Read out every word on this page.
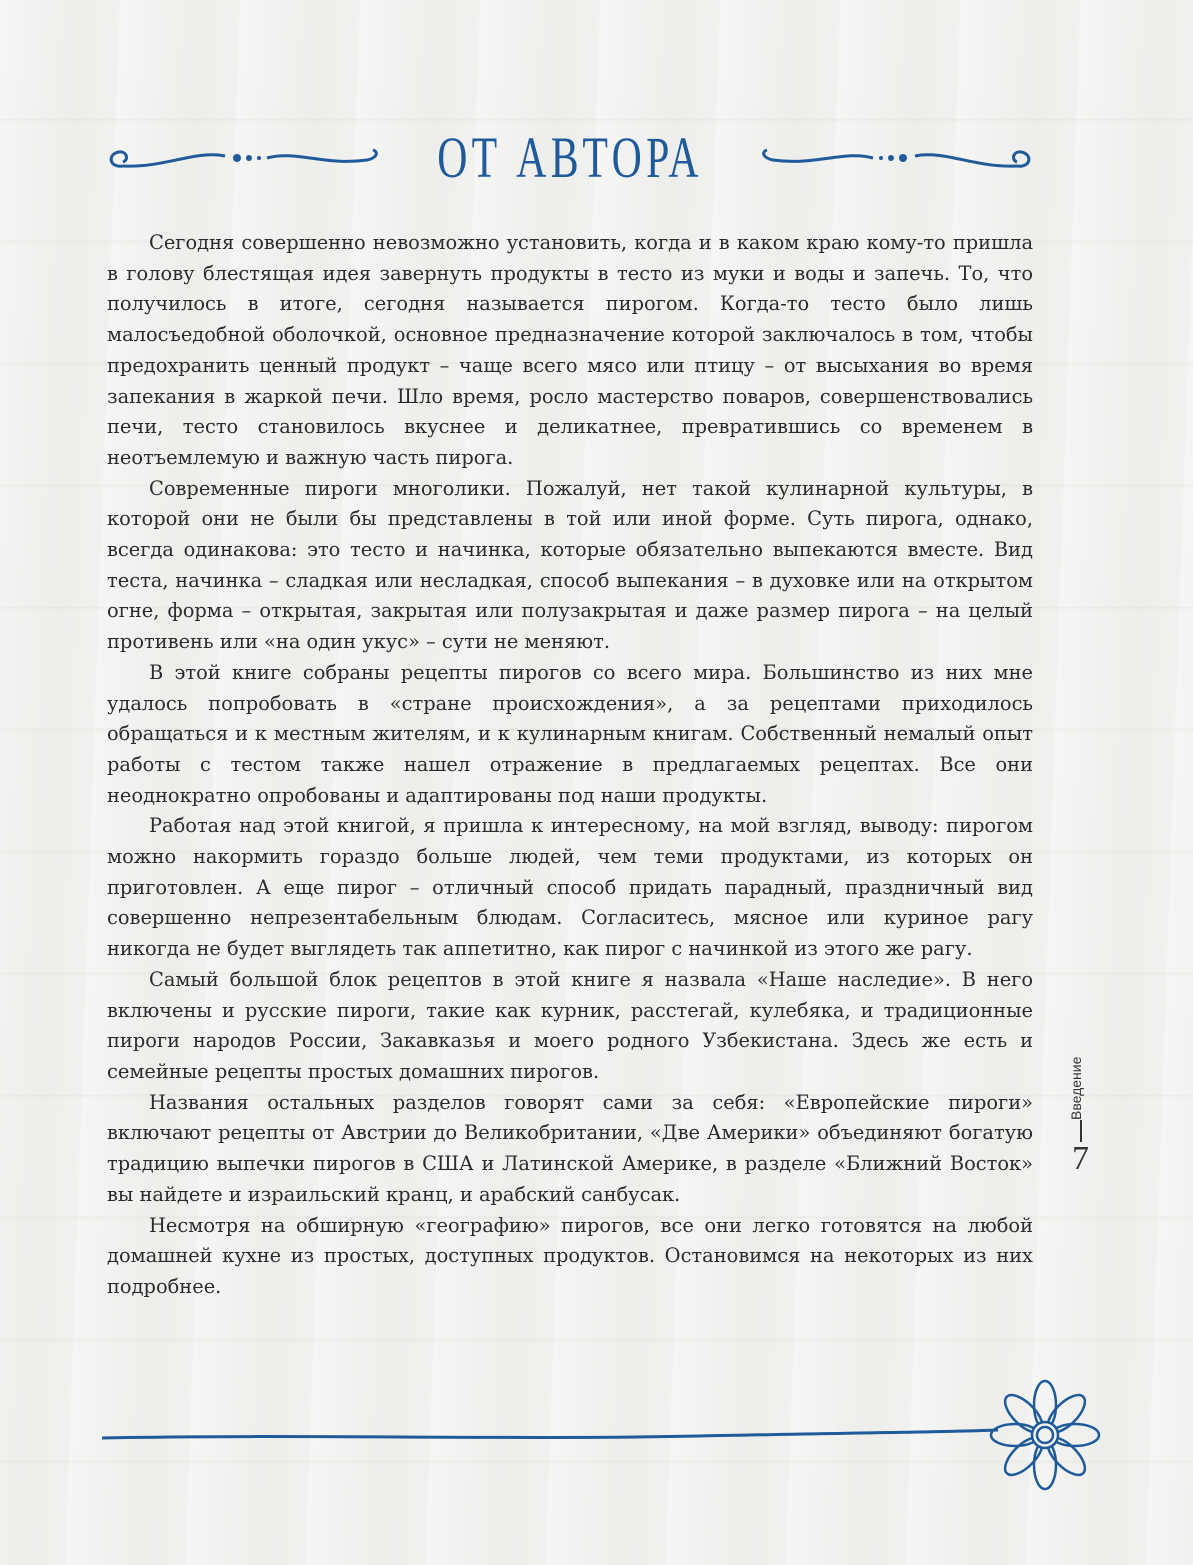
ОТ АВТОРА

Сегодня совершенно невозможно установить, когда и в каком краю кому-то пришла в голову блестящая идея завернуть продукты в тесто из муки и воды и запечь. То, что получилось в итоге, сегодня называется пирогом. Когда-то тесто было лишь малосъедобной оболочкой, основное предназначение которой заключалось в том, чтобы предохранить ценный продукт – чаще всего мясо или птицу – от высыхания во время запекания в жаркой печи. Шло время, росло мастерство поваров, совершенствовались печи, тесто становилось вкуснее и деликатнее, превратившись со временем в неотъемлемую и важную часть пирога.

Современные пироги многолики. Пожалуй, нет такой кулинарной культуры, в которой они не были бы представлены в той или иной форме. Суть пирога, однако, всегда одинакова: это тесто и начинка, которые обязательно выпекаются вместе. Вид теста, начинка – сладкая или несладкая, способ выпекания – в духовке или на открытом огне, форма – открытая, закрытая или полузакрытая и даже размер пирога – на целый противень или «на один укус» – сути не меняют.

В этой книге собраны рецепты пирогов со всего мира. Большинство из них мне удалось попробовать в «стране происхождения», а за рецептами приходилось обращаться и к местным жителям, и к кулинарным книгам. Собственный немалый опыт работы с тестом также нашел отражение в предлагаемых рецептах. Все они неоднократно опробованы и адаптированы под наши продукты.

Работая над этой книгой, я пришла к интересному, на мой взгляд, выводу: пирогом можно накормить гораздо больше людей, чем теми продуктами, из которых он приготовлен. А еще пирог – отличный способ придать парадный, праздничный вид совершенно непрезентабельным блюдам. Согласитесь, мясное или куриное рагу никогда не будет выглядеть так аппетитно, как пирог с начинкой из этого же рагу.

Самый большой блок рецептов в этой книге я назвала «Наше наследие». В него включены и русские пироги, такие как курник, расстегай, кулебяка, и традиционные пироги народов России, Закавказья и моего родного Узбекистана. Здесь же есть и семейные рецепты простых домашних пирогов.

Названия остальных разделов говорят сами за себя: «Европейские пироги» включают рецепты от Австрии до Великобритании, «Две Америки» объединяют богатую традицию выпечки пирогов в США и Латинской Америке, в разделе «Ближний Восток» вы найдете и израильский кранц, и арабский санбусак.

Несмотря на обширную «географию» пирогов, все они легко готовятся на любой домашней кухне из простых, доступных продуктов. Остановимся на некоторых из них подробнее.

Введение
7
